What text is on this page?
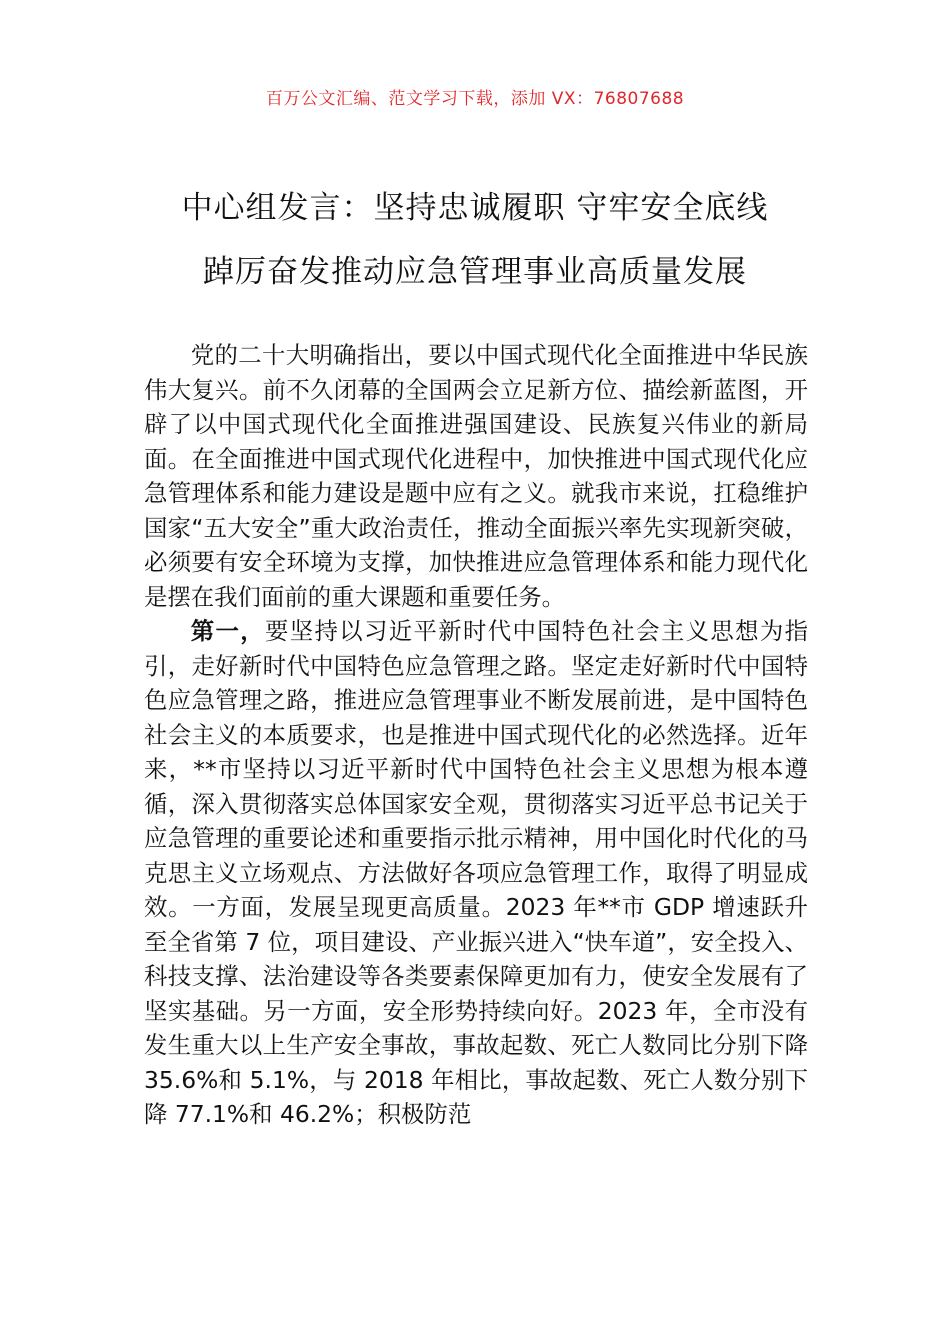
百万公文汇编、范文学习下载，添加 VX：76807688
中心组发言：坚持忠诚履职 守牢安全底线
踔厉奋发推动应急管理事业高质量发展

党的二十大明确指出，要以中国式现代化全面推进中华民族伟大复兴。前不久闭幕的全国两会立足新方位、描绘新蓝图，开辟了以中国式现代化全面推进强国建设、民族复兴伟业的新局面。在全面推进中国式现代化进程中，加快推进中国式现代化应急管理体系和能力建设是题中应有之义。就我市来说，扛稳维护国家“五大安全”重大政治责任，推动全面振兴率先实现新突破，必须要有安全环境为支撑，加快推进应急管理体系和能力现代化是摆在我们面前的重大课题和重要任务。

第一，要坚持以习近平新时代中国特色社会主义思想为指引，走好新时代中国特色应急管理之路。坚定走好新时代中国特色应急管理之路，推进应急管理事业不断发展前进，是中国特色社会主义的本质要求，也是推进中国式现代化的必然选择。近年来，**市坚持以习近平新时代中国特色社会主义思想为根本遵循，深入贯彻落实总体国家安全观，贯彻落实习近平总书记关于应急管理的重要论述和重要指示批示精神，用中国化时代化的马克思主义立场观点、方法做好各项应急管理工作，取得了明显成效。一方面，发展呈现更高质量。2023 年**市 GDP 增速跃升至全省第 7 位，项目建设、产业振兴进入“快车道”，安全投入、科技支撑、法治建设等各类要素保障更加有力，使安全发展有了坚实基础。另一方面，安全形势持续向好。2023 年，全市没有发生重大以上生产安全事故，事故起数、死亡人数同比分别下降 35.6%和 5.1%，与 2018 年相比，事故起数、死亡人数分别下降 77.1%和 46.2%；积极防范
